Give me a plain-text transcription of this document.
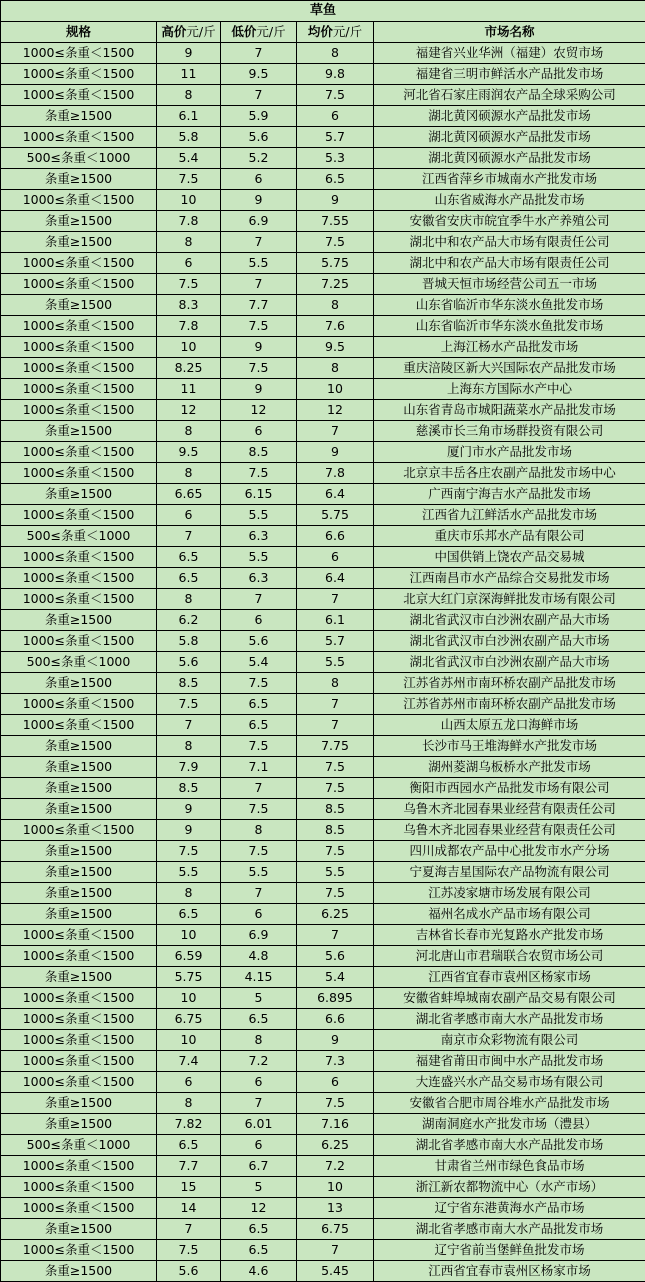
草鱼				
规格	高价元/斤	低价元/斤	均价元/斤	市场名称
1000≤条重＜1500	9	7	8	福建省兴业华洲（福建）农贸市场
1000≤条重＜1500	11	9.5	9.8	福建省三明市鲜活水产品批发市场
1000≤条重＜1500	8	7	7.5	河北省石家庄雨润农产品全球采购公司
条重≥1500	6.1	5.9	6	湖北黄冈硕源水产品批发市场
1000≤条重＜1500	5.8	5.6	5.7	湖北黄冈硕源水产品批发市场
500≤条重＜1000	5.4	5.2	5.3	湖北黄冈硕源水产品批发市场
条重≥1500	7.5	6	6.5	江西省萍乡市城南水产批发市场
1000≤条重＜1500	10	9	9	山东省威海水产品批发市场
条重≥1500	7.8	6.9	7.55	安徽省安庆市皖宜季牛水产养殖公司
条重≥1500	8	7	7.5	湖北中和农产品大市场有限责任公司
1000≤条重＜1500	6	5.5	5.75	湖北中和农产品大市场有限责任公司
1000≤条重＜1500	7.5	7	7.25	晋城天恒市场经营公司五一市场
条重≥1500	8.3	7.7	8	山东省临沂市华东淡水鱼批发市场
1000≤条重＜1500	7.8	7.5	7.6	山东省临沂市华东淡水鱼批发市场
1000≤条重＜1500	10	9	9.5	上海江杨水产品批发市场
1000≤条重＜1500	8.25	7.5	8	重庆涪陵区新大兴国际农产品批发市场
1000≤条重＜1500	11	9	10	上海东方国际水产中心
1000≤条重＜1500	12	12	12	山东省青岛市城阳蔬菜水产品批发市场
条重≥1500	8	6	7	慈溪市长三角市场群投资有限公司
1000≤条重＜1500	9.5	8.5	9	厦门市水产品批发市场
1000≤条重＜1500	8	7.5	7.8	北京京丰岳各庄农副产品批发市场中心
条重≥1500	6.65	6.15	6.4	广西南宁海吉水产品批发市场
1000≤条重＜1500	6	5.5	5.75	江西省九江鲜活水产品批发市场
500≤条重＜1000	7	6.3	6.6	重庆市乐邦水产品有限公司
1000≤条重＜1500	6.5	5.5	6	中国供销上饶农产品交易城
1000≤条重＜1500	6.5	6.3	6.4	江西南昌市水产品综合交易批发市场
1000≤条重＜1500	8	7	7	北京大红门京深海鲜批发市场有限公司
条重≥1500	6.2	6	6.1	湖北省武汉市白沙洲农副产品大市场
1000≤条重＜1500	5.8	5.6	5.7	湖北省武汉市白沙洲农副产品大市场
500≤条重＜1000	5.6	5.4	5.5	湖北省武汉市白沙洲农副产品大市场
条重≥1500	8.5	7.5	8	江苏省苏州市南环桥农副产品批发市场
1000≤条重＜1500	7.5	6.5	7	江苏省苏州市南环桥农副产品批发市场
1000≤条重＜1500	7	6.5	7	山西太原五龙口海鲜市场
条重≥1500	8	7.5	7.75	长沙市马王堆海鲜水产批发市场
条重≥1500	7.9	7.1	7.5	湖州菱湖乌板桥水产批发市场
条重≥1500	8.5	7	7.5	衡阳市西园水产品批发市场有限公司
条重≥1500	9	7.5	8.5	乌鲁木齐北园春果业经营有限责任公司
1000≤条重＜1500	9	8	8.5	乌鲁木齐北园春果业经营有限责任公司
条重≥1500	7.5	7.5	7.5	四川成都农产品中心批发市水产分场
条重≥1500	5.5	5.5	5.5	宁夏海吉星国际农产品物流有限公司
条重≥1500	8	7	7.5	江苏凌家塘市场发展有限公司
条重≥1500	6.5	6	6.25	福州名成水产品市场有限公司
1000≤条重＜1500	10	6.9	7	吉林省长春市光复路水产批发市场
1000≤条重＜1500	6.59	4.8	5.6	河北唐山市君瑞联合农贸市场公司
条重≥1500	5.75	4.15	5.4	江西省宜春市袁州区杨家市场
1000≤条重＜1500	10	5	6.895	安徽省蚌埠城南农副产品交易有限公司
1000≤条重＜1500	6.75	6.5	6.6	湖北省孝感市南大水产品批发市场
1000≤条重＜1500	10	8	9	南京市众彩物流有限公司
1000≤条重＜1500	7.4	7.2	7.3	福建省莆田市闽中水产品批发市场
1000≤条重＜1500	6	6	6	大连盛兴水产品交易市场有限公司
条重≥1500	8	7	7.5	安徽省合肥市周谷堆水产品批发市场
条重≥1500	7.82	6.01	7.16	湖南洞庭水产批发市场（澧县）
500≤条重＜1000	6.5	6	6.25	湖北省孝感市南大水产品批发市场
1000≤条重＜1500	7.7	6.7	7.2	甘肃省兰州市绿色食品市场
1000≤条重＜1500	15	5	10	浙江新农都物流中心（水产市场）
1000≤条重＜1500	14	12	13	辽宁省东港黄海水产品市场
条重≥1500	7	6.5	6.75	湖北省孝感市南大水产品批发市场
1000≤条重＜1500	7.5	6.5	7	辽宁省前当堡鲜鱼批发市场
条重≥1500	5.6	4.6	5.45	江西省宜春市袁州区杨家市场
